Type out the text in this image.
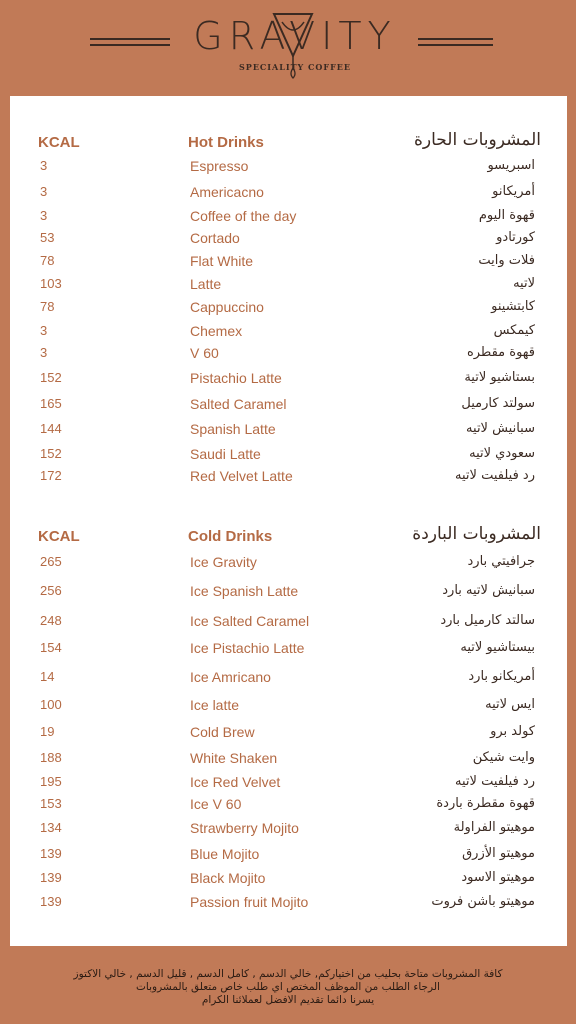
GRAVITY
SPECIALITY COFFEE
KCAL	Hot Drinks	المشروبات الحارة
3	Espresso	اسبريسو
3	Americacno	أمريكانو
3	Coffee of the day	قهوة اليوم
53	Cortado	كورتادو
78	Flat White	فلات وايت
103	Latte	لاتيه
78	Cappuccino	كابتشينو
3	Chemex	كيمكس
3	V 60	قهوة مقطره
152	Pistachio Latte	بستاشيو لاتية
165	Salted Caramel	سولتد كارميل
144	Spanish Latte	سبانيش لاتيه
152	Saudi Latte	سعودي لاتيه
172	Red Velvet Latte	رد فيلفيت لاتيه
KCAL	Cold Drinks	المشروبات الباردة
265	Ice Gravity	جرافيتي بارد
256	Ice Spanish Latte	سبانيش لاتيه بارد
248	Ice Salted Caramel	سالتد كارميل بارد
154	Ice Pistachio Latte	بيستاشيو لاتيه
14	Ice Amricano	أمريكانو بارد
100	Ice latte	ايس لاتيه
19	Cold Brew	كولد برو
188	White Shaken	وايت شيكن
195	Ice Red Velvet	رد فيلفيت لاتيه
153	Ice V 60	قهوة مقطرة باردة
134	Strawberry Mojito	موهيتو الفراولة
139	Blue Mojito	موهيتو الأزرق
139	Black Mojito	موهيتو الاسود
139	Passion fruit Mojito	موهيتو باشن فروت
كافة المشروبات متاحة بحليب من اختياركم, خالي الدسم , كامل الدسم , قليل الدسم , خالي الاكتوز
الرجاء الطلب من الموظف المختص اي طلب خاص متعلق بالمشروبات
يسرنا دائما تقديم الافضل لعملائنا الكرام
